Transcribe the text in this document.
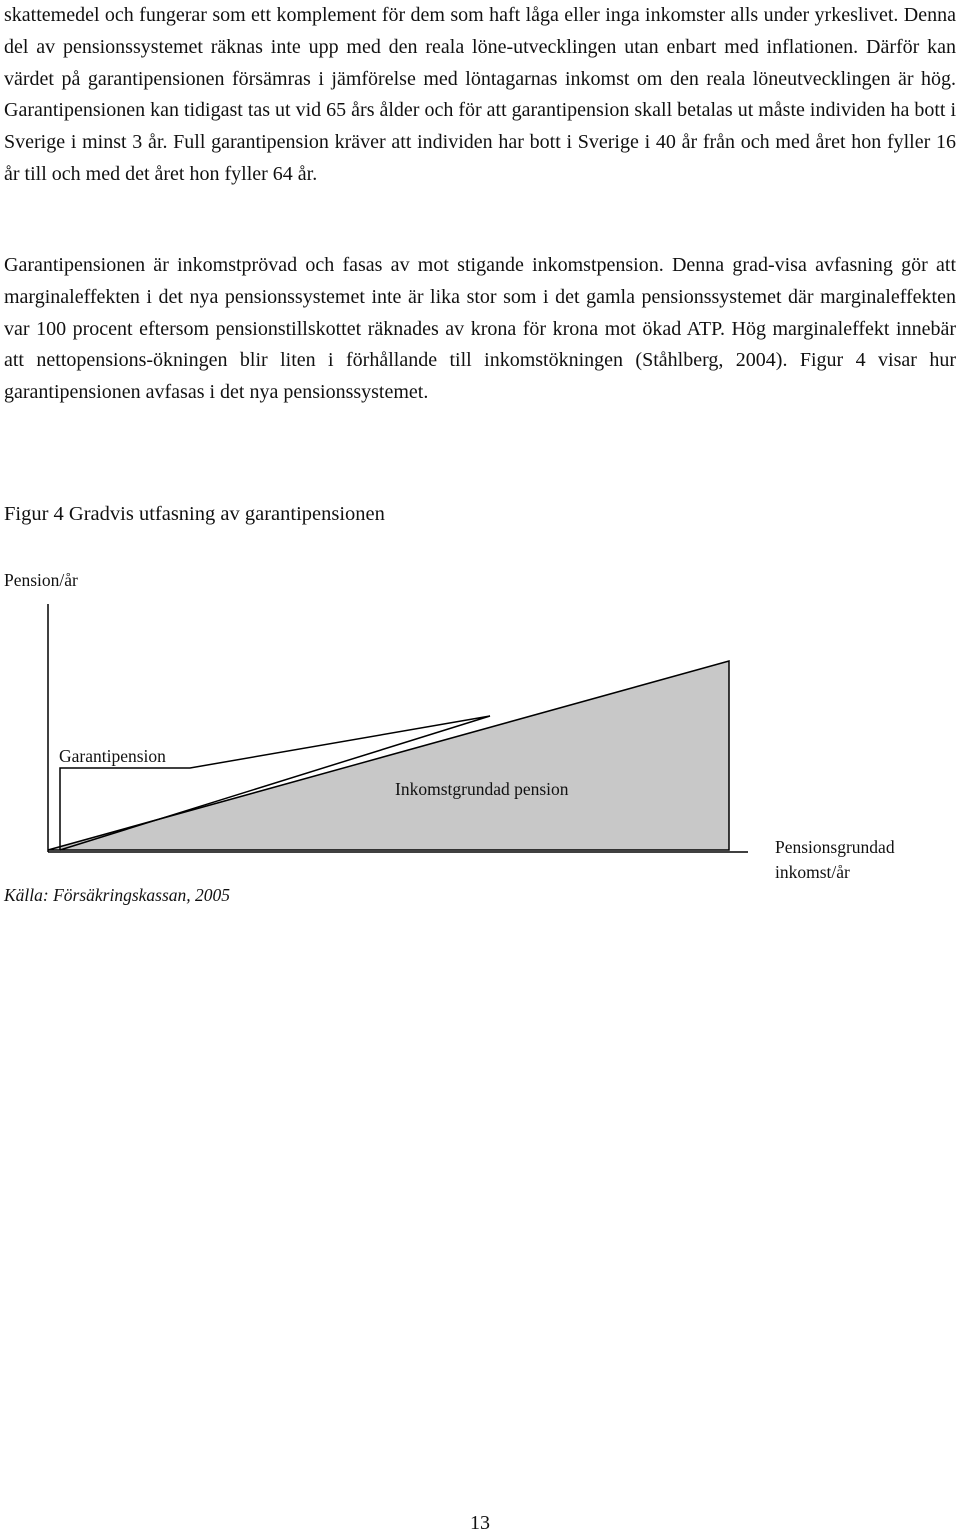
skattemedel och fungerar som ett komplement för dem som haft låga eller inga inkomster alls under yrkeslivet. Denna del av pensionssystemet räknas inte upp med den reala löne-utvecklingen utan enbart med inflationen. Därför kan värdet på garantipensionen försämras i jämförelse med löntagarnas inkomst om den reala löneutvecklingen är hög. Garantipensionen kan tidigast tas ut vid 65 års ålder och för att garantipension skall betalas ut måste individen ha bott i Sverige i minst 3 år. Full garantipension kräver att individen har bott i Sverige i 40 år från och med året hon fyller 16 år till och med det året hon fyller 64 år.

Garantipensionen är inkomstprövad och fasas av mot stigande inkomstpension. Denna grad-visa avfasning gör att marginaleffekten i det nya pensionssystemet inte är lika stor som i det gamla pensionssystemet där marginaleffekten var 100 procent eftersom pensionstillskottet räknades av krona för krona mot ökad ATP. Hög marginaleffekt innebär att nettopensions-ökningen blir liten i förhållande till inkomstökningen (Ståhlberg, 2004). Figur 4 visar hur garantipensionen avfasas i det nya pensionssystemet.

Figur 4 Gradvis utfasning av garantipensionen

Pension/år
Garantipension
Inkomstgrundad pension
Pensionsgrundad inkomst/år
Källa: Försäkringskassan, 2005
13
